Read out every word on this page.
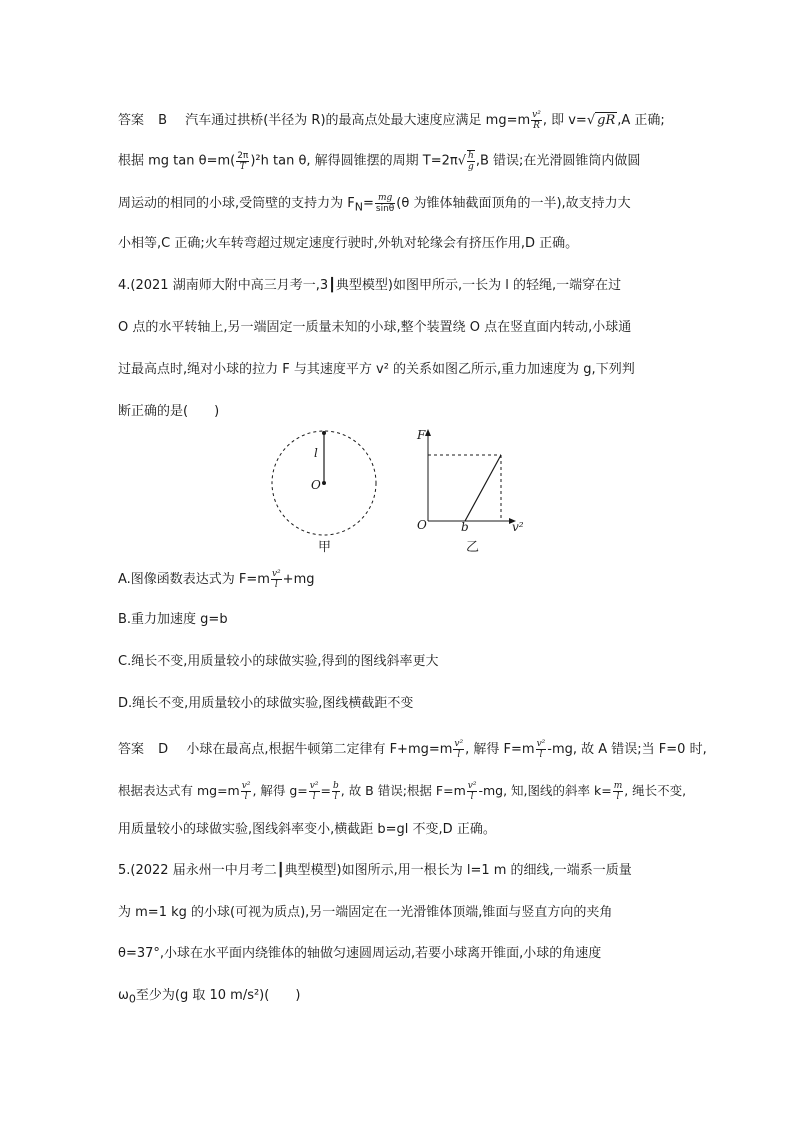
答案 B 汽车通过拱桥(半径为 R)的最高点处最大速度应满足 $mg=m \frac{\text{v²}}{R}$ , 即 v=√ gR ,A 正确;
根据 mg $\tan \theta=m( \frac{2\pi}{T} )^2h$ tan θ, 解得圆锥摆的周期 $T=2\pi√ \frac{h}{g} ,B$ 错误;在光滑圆锥筒内做圆
周运动的相同的小球,受筒壁的支持力为 $F_N= \frac{mg}{\sin\theta} (\theta$ 为锥体轴截面顶角的一半),故支持力大
小相等,C 正确;火车转弯超过规定速度行驶时,外轨对轮缘会有挤压作用,D 正确。
4.(2021 湖南师大附中高三月考一,3┃典型模型)如图甲所示,一长为 l 的轻绳,一端穿在过
O 点的水平转轴上,另一端固定一质量未知的小球,整个装置绕 O 点在竖直面内转动,小球通
过最高点时,绳对小球的拉力 F 与其速度平方 v² 的关系如图乙所示,重力加速度为 g,下列判
断正确的是(　　)
l
O
甲
F
O	b	v²
乙
A.图像函数表达式为 $F=m \frac{\text{v²}}{l} +mg$
B.重力加速度 g=b
C.绳长不变,用质量较小的球做实验,得到的图线斜率更大
D.绳长不变,用质量较小的球做实验,图线横截距不变
答案 D 小球在最高点,根据牛顿第二定律有 $F+mg=m \frac{\text{v²}}{l}$ , 解得 $F=m \frac{\text{v²}}{l} -mg$, 故 A 错误;当 F=0 时,
根据表达式有 $mg=m \frac{\text{v²}}{l}$ , 解得 $g= \frac{\text{v²}}{l} = \frac{b}{l}$ , 故 B 错误;根据 $F=m \frac{\text{v²}}{l} -mg$, 知,图线的斜率 $k= \frac{m}{l}$ , 绳长不变,
用质量较小的球做实验,图线斜率变小,横截距 b=gl 不变,D 正确。
5.(2022 届永州一中月考二┃典型模型)如图所示,用一根长为 l=1 m 的细线,一端系一质量
为 m=1 kg 的小球(可视为质点),另一端固定在一光滑锥体顶端,锥面与竖直方向的夹角
θ=37°,小球在水平面内绕锥体的轴做匀速圆周运动,若要小球离开锥面,小球的角速度
$\omega_0$至少为(g 取 10 m/s²)(　　)
